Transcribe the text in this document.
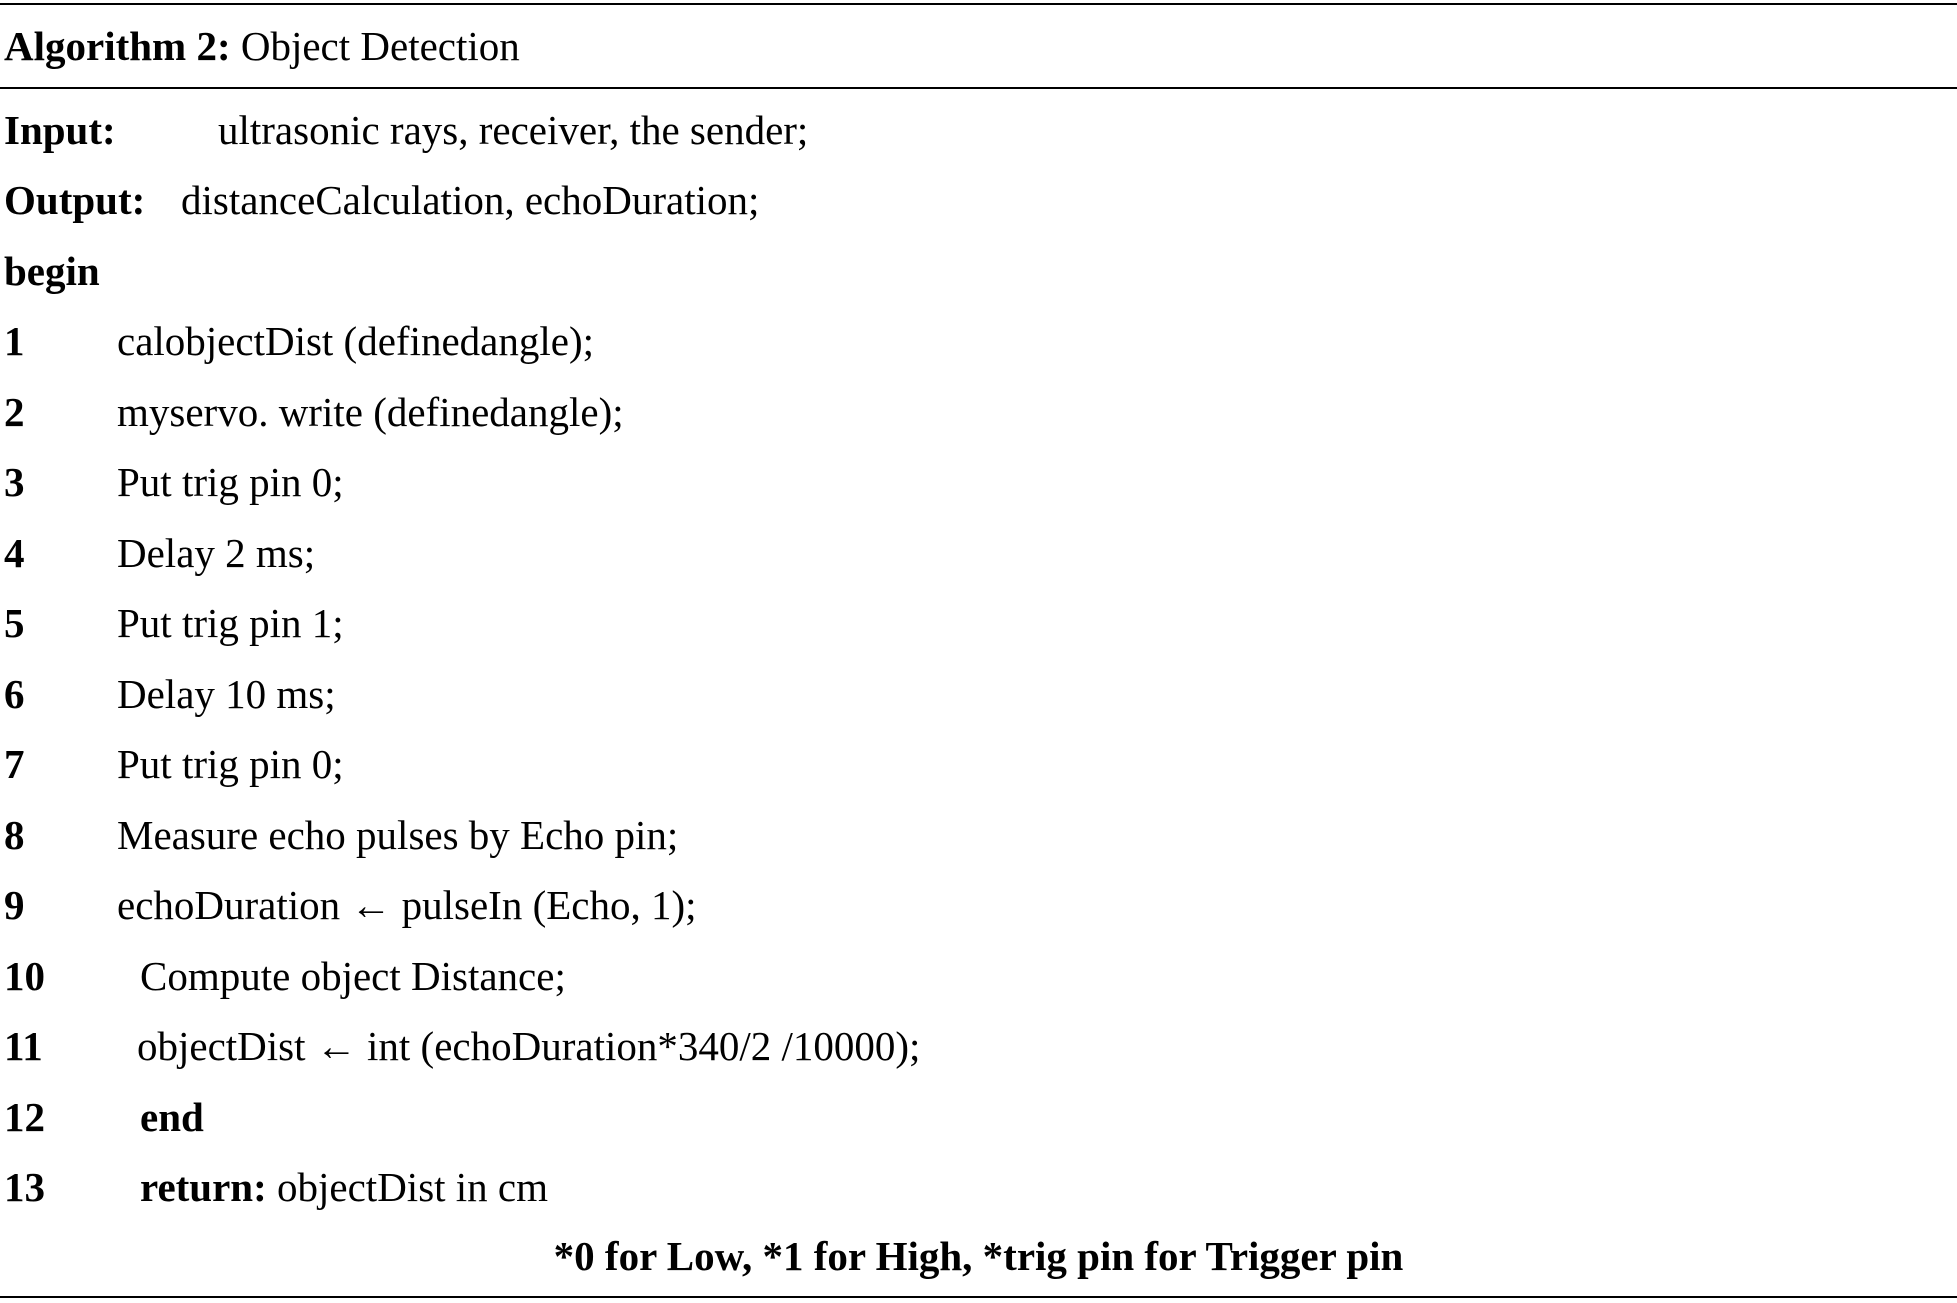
Algorithm 2: Object Detection
Input: ultrasonic rays, receiver, the sender;
Output: distanceCalculation, echoDuration;
begin
1 calobjectDist (definedangle);
2 myservo. write (definedangle);
3 Put trig pin 0;
4 Delay 2 ms;
5 Put trig pin 1;
6 Delay 10 ms;
7 Put trig pin 0;
8 Measure echo pulses by Echo pin;
9 echoDuration ← pulseIn (Echo, 1);
10 Compute object Distance;
11 objectDist ← int (echoDuration*340/2 /10000);
12 end
13 return: objectDist in cm
*0 for Low, *1 for High, *trig pin for Trigger pin
